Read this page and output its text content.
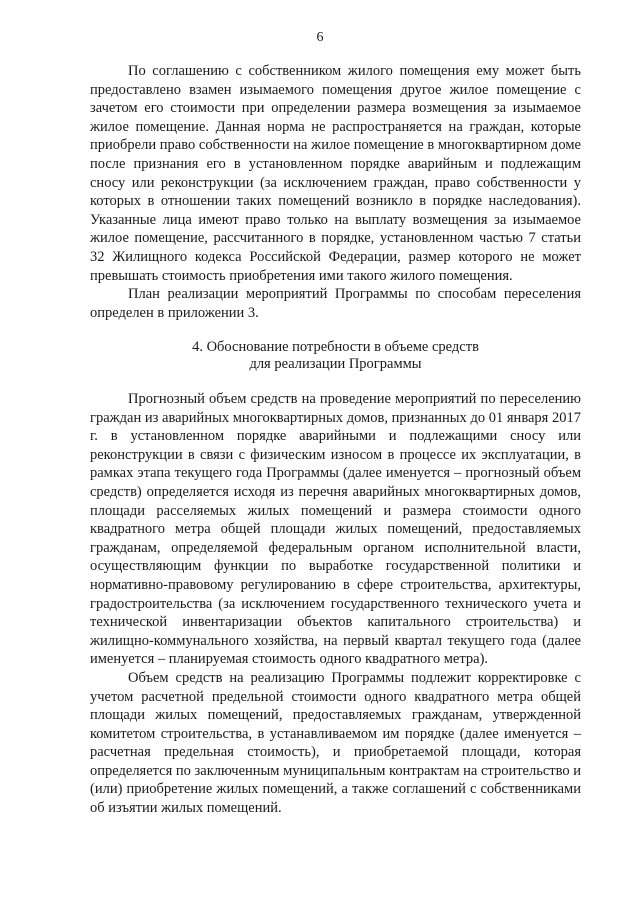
6

По соглашению с собственником жилого помещения ему может быть предоставлено взамен изымаемого помещения другое жилое помещение с зачетом его стоимости при определении размера возмещения за изымаемое жилое помещение. Данная норма не распространяется на граждан, которые приобрели право собственности на жилое помещение в многоквартирном доме после признания его в установленном порядке аварийным и подлежащим сносу или реконструкции (за исключением граждан, право собственности у которых в отношении таких помещений возникло в порядке наследования). Указанные лица имеют право только на выплату возмещения за изымаемое жилое помещение, рассчитанного в порядке, установленном частью 7 статьи 32 Жилищного кодекса Российской Федерации, размер которого не может превышать стоимость приобретения ими такого жилого помещения.

План реализации мероприятий Программы по способам переселения определен в приложении 3.

4. Обоснование потребности в объеме средств
для реализации Программы

Прогнозный объем средств на проведение мероприятий по переселению граждан из аварийных многоквартирных домов, признанных до 01 января 2017 г. в установленном порядке аварийными и подлежащими сносу или реконструкции в связи с физическим износом в процессе их эксплуатации, в рамках этапа текущего года Программы (далее именуется – прогнозный объем средств) определяется исходя из перечня аварийных многоквартирных домов, площади расселяемых жилых помещений и размера стоимости одного квадратного метра общей площади жилых помещений, предоставляемых гражданам, определяемой федеральным органом исполнительной власти, осуществляющим функции по выработке государственной политики и нормативно-правовому регулированию в сфере строительства, архитектуры, градостроительства (за исключением государственного технического учета и технической инвентаризации объектов капитального строительства) и жилищно-коммунального хозяйства, на первый квартал текущего года (далее именуется – планируемая стоимость одного квадратного метра).

Объем средств на реализацию Программы подлежит корректировке с учетом расчетной предельной стоимости одного квадратного метра общей площади жилых помещений, предоставляемых гражданам, утвержденной комитетом строительства, в устанавливаемом им порядке (далее именуется – расчетная предельная стоимость), и приобретаемой площади, которая определяется по заключенным муниципальным контрактам на строительство и (или) приобретение жилых помещений, а также соглашений с собственниками об изъятии жилых помещений.
